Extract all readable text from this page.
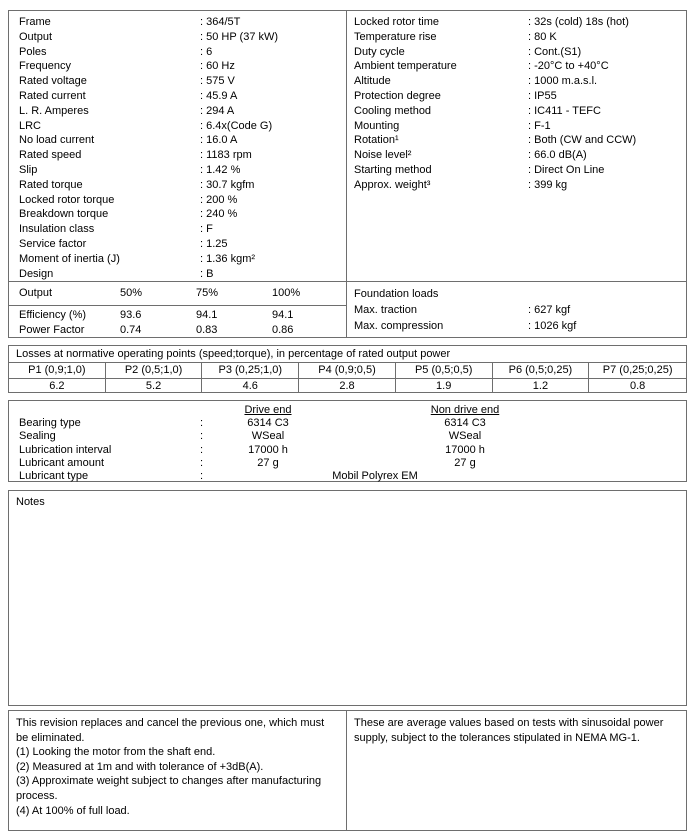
Frame	: 364/5T
Output	: 50 HP (37 kW)
Poles	: 6
Frequency	: 60 Hz
Rated voltage	: 575 V
Rated current	: 45.9 A
L. R. Amperes	: 294 A
LRC	: 6.4x(Code G)
No load current	: 16.0 A
Rated speed	: 1183 rpm
Slip	: 1.42 %
Rated torque	: 30.7 kgfm
Locked rotor torque	: 200 %
Breakdown torque	: 240 %
Insulation class	: F
Service factor	: 1.25
Moment of inertia (J)	: 1.36 kgm²
Design	: B
Locked rotor time	: 32s (cold) 18s (hot)
Temperature rise	: 80 K
Duty cycle	: Cont.(S1)
Ambient temperature	: -20°C to +40°C
Altitude	: 1000 m.a.s.l.
Protection degree	: IP55
Cooling method	: IC411 - TEFC
Mounting	: F-1
Rotation¹	: Both (CW and CCW)
Noise level²	: 66.0 dB(A)
Starting method	: Direct On Line
Approx. weight³	: 399 kg
Output	50%	75%	100%
Efficiency (%)	93.6	94.1	94.1
Power Factor	0.74	0.83	0.86
Foundation loads
Max. traction	: 627 kgf
Max. compression	: 1026 kgf
Losses at normative operating points (speed;torque), in percentage of rated output power
P1 (0,9;1,0)	P2 (0,5;1,0)	P3 (0,25;1,0)	P4 (0,9;0,5)	P5 (0,5;0,5)	P6 (0,5;0,25)	P7 (0,25;0,25)
6.2	5.2	4.6	2.8	1.9	1.2	0.8
Drive end	Non drive end
Bearing type	:	6314 C3	6314 C3
Sealing	:	WSeal	WSeal
Lubrication interval	:	17000 h	17000 h
Lubricant amount	:	27 g	27 g
Lubricant type	:	Mobil Polyrex EM
Notes

This revision replaces and cancel the previous one, which must be eliminated.

(1) Looking the motor from the shaft end.

(2) Measured at 1m and with tolerance of +3dB(A).

(3) Approximate weight subject to changes after manufacturing process.

(4) At 100% of full load.

These are average values based on tests with sinusoidal power supply, subject to the tolerances stipulated in NEMA MG-1.
